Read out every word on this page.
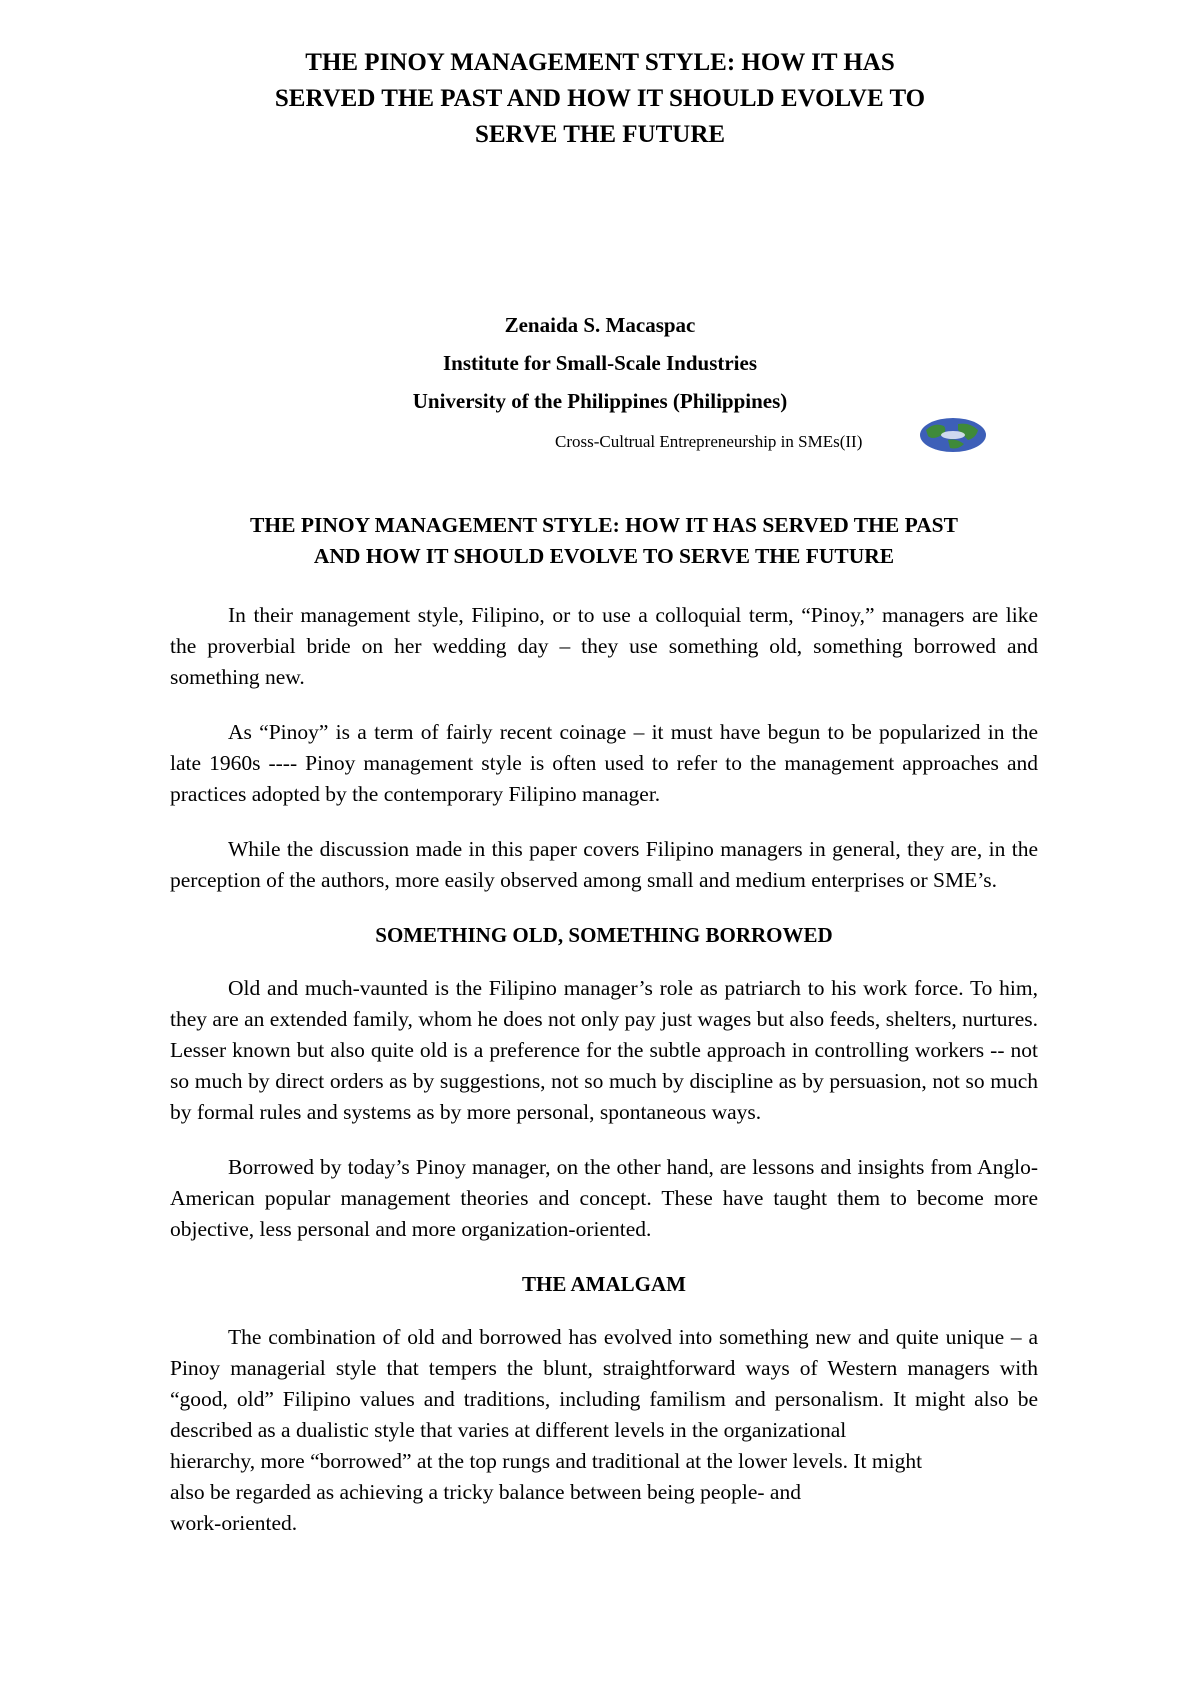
THE PINOY MANAGEMENT STYLE: HOW IT HAS
SERVED THE PAST AND HOW IT SHOULD EVOLVE TO
SERVE THE FUTURE
Zenaida S. Macaspac
Institute for Small-Scale Industries
University of the Philippines (Philippines)
Cross-Cultrual Entrepreneurship in SMEs(II)
THE PINOY MANAGEMENT STYLE: HOW IT HAS SERVED THE PAST
AND HOW IT SHOULD EVOLVE TO SERVE THE FUTURE

In their management style, Filipino, or to use a colloquial term, “Pinoy,” managers are like the proverbial bride on her wedding day – they use something old, something borrowed and something new.

As “Pinoy” is a term of fairly recent coinage – it must have begun to be popularized in the late 1960s ---- Pinoy management style is often used to refer to the management approaches and practices adopted by the contemporary Filipino manager.

While the discussion made in this paper covers Filipino managers in general, they are, in the perception of the authors, more easily observed among small and medium enterprises or SME’s.

SOMETHING OLD, SOMETHING BORROWED

Old and much-vaunted is the Filipino manager’s role as patriarch to his work force. To him, they are an extended family, whom he does not only pay just wages but also feeds, shelters, nurtures. Lesser known but also quite old is a preference for the subtle approach in controlling workers -- not so much by direct orders as by suggestions, not so much by discipline as by persuasion, not so much by formal rules and systems as by more personal, spontaneous ways.

Borrowed by today’s Pinoy manager, on the other hand, are lessons and insights from Anglo-American popular management theories and concept. These have taught them to become more objective, less personal and more organization-oriented.

THE AMALGAM

The combination of old and borrowed has evolved into something new and quite unique – a Pinoy managerial style that tempers the blunt, straightforward ways of Western managers with “good, old” Filipino values and traditions, including familism and personalism. It might also be described as a dualistic style that varies at different levels in the organizational

hierarchy, more “borrowed” at the top rungs and traditional at the lower levels. It might

also be regarded as achieving a tricky balance between being people- and

work-oriented.
